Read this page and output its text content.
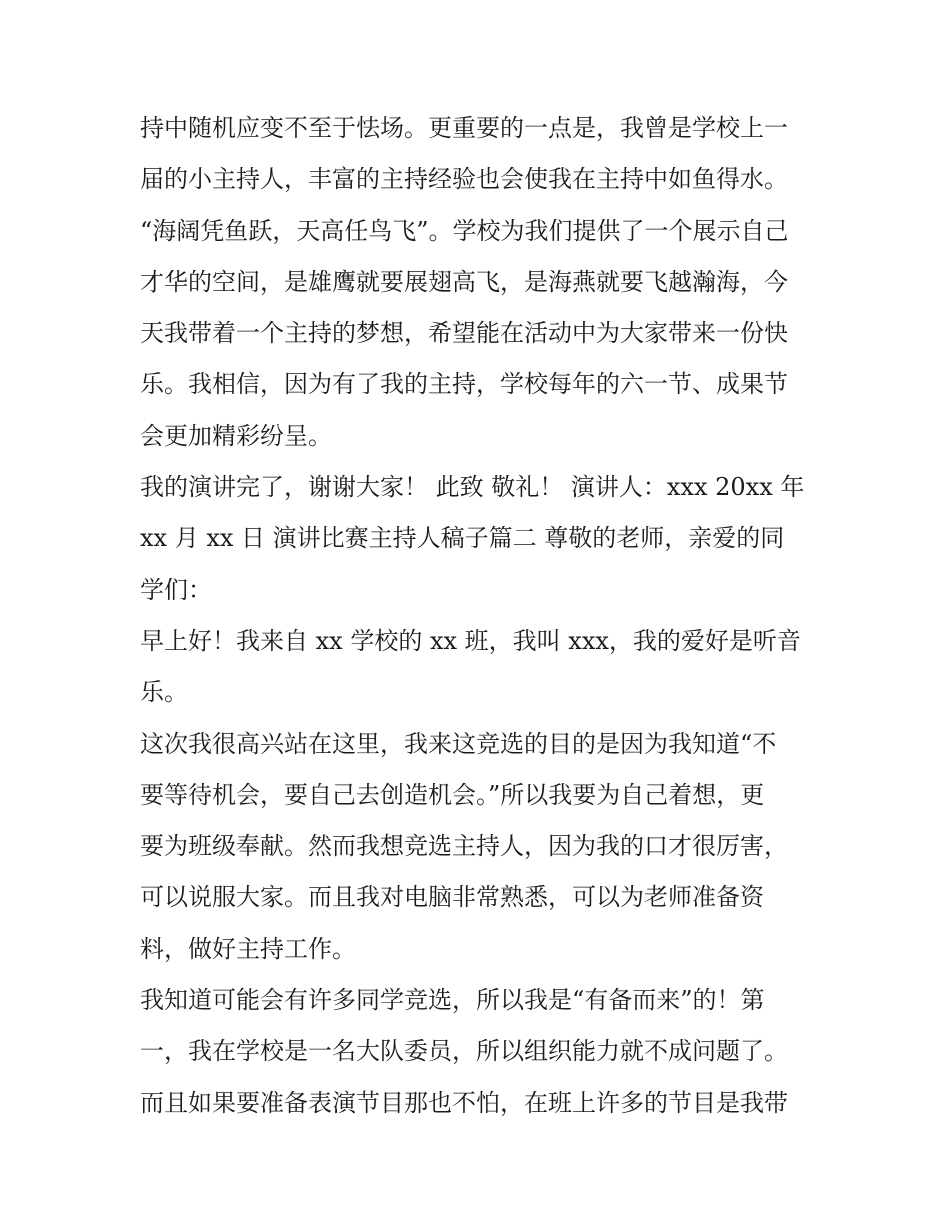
持中随机应变不至于怯场。更重要的一点是，我曾是学校上一
届的小主持人，丰富的主持经验也会使我在主持中如鱼得水。
“海阔凭鱼跃，天高任鸟飞”。学校为我们提供了一个展示自己
才华的空间，是雄鹰就要展翅高飞，是海燕就要飞越瀚海，今
天我带着一个主持的梦想，希望能在活动中为大家带来一份快
乐。我相信，因为有了我的主持，学校每年的六一节、成果节
会更加精彩纷呈。
我的演讲完了，谢谢大家！ 此致 敬礼！ 演讲人：xxx 20xx 年
xx 月 xx 日 演讲比赛主持人稿子篇二 尊敬的老师，亲爱的同
学们：
早上好！我来自 xx 学校的 xx 班，我叫 xxx，我的爱好是听音
乐。
这次我很高兴站在这里，我来这竞选的目的是因为我知道“不
要等待机会，要自己去创造机会。”所以我要为自己着想，更
要为班级奉献。然而我想竞选主持人，因为我的口才很厉害，
可以说服大家。而且我对电脑非常熟悉，可以为老师准备资
料，做好主持工作。
我知道可能会有许多同学竞选，所以我是“有备而来”的！第
一，我在学校是一名大队委员，所以组织能力就不成问题了。
而且如果要准备表演节目那也不怕，在班上许多的节目是我带
